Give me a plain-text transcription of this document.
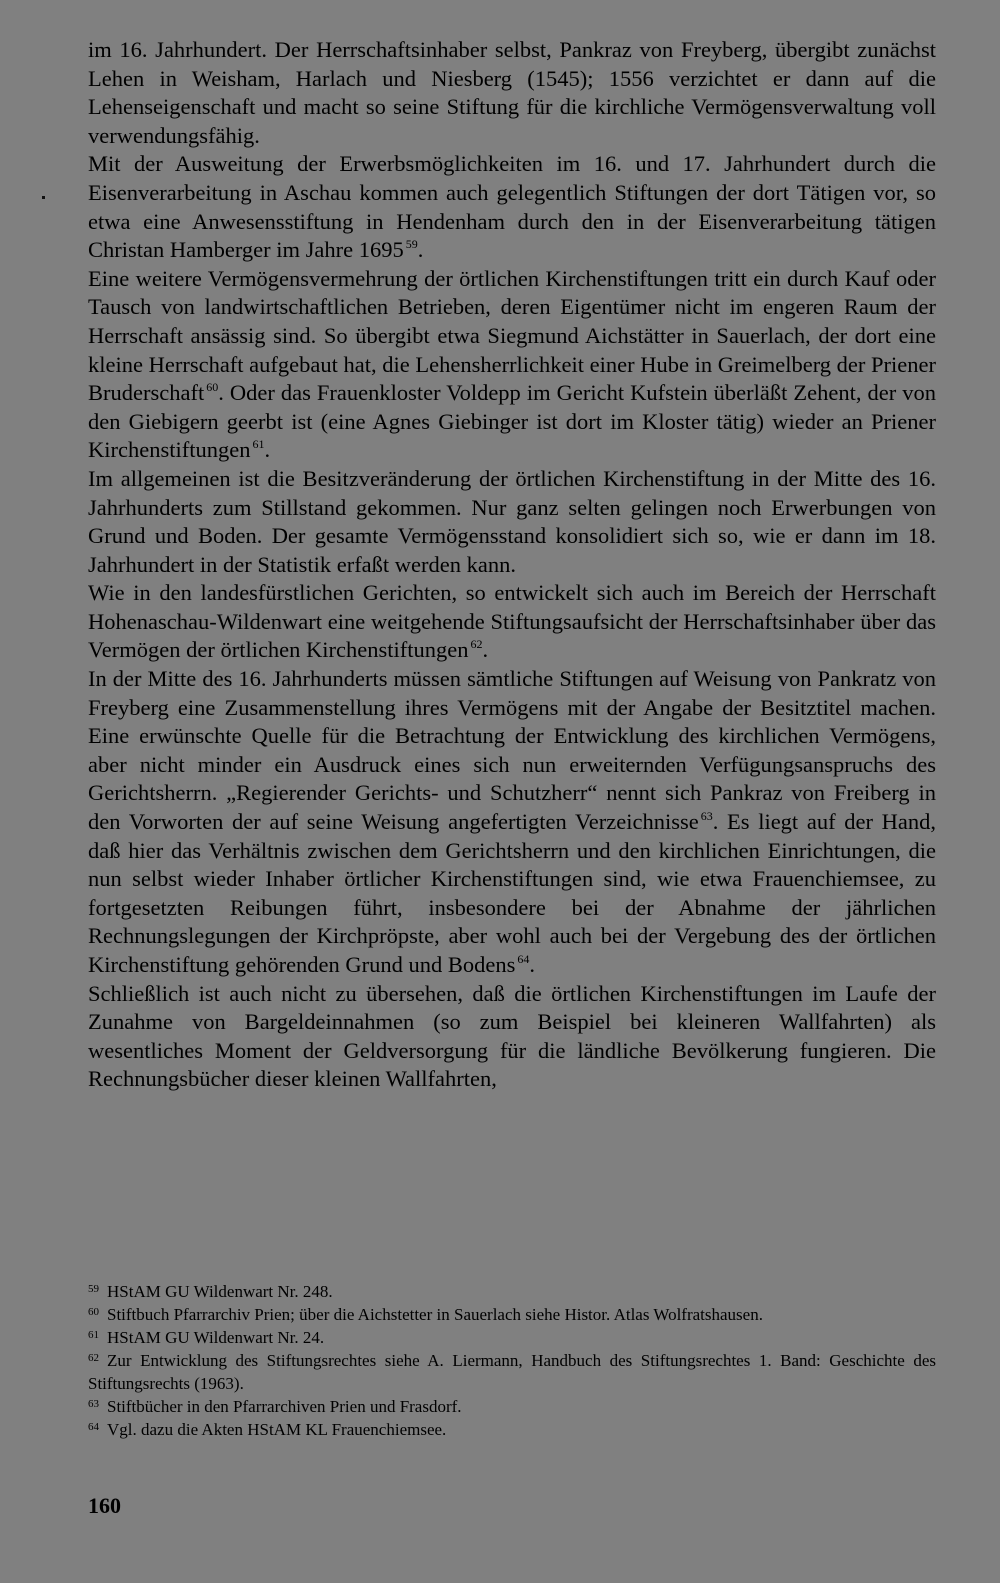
im 16. Jahrhundert. Der Herrschaftsinhaber selbst, Pankraz von Freyberg, übergibt zunächst Lehen in Weisham, Harlach und Niesberg (1545); 1556 verzichtet er dann auf die Lehenseigenschaft und macht so seine Stiftung für die kirchliche Vermögensverwaltung voll verwendungsfähig.

Mit der Ausweitung der Erwerbsmöglichkeiten im 16. und 17. Jahrhundert durch die Eisenverarbeitung in Aschau kommen auch gelegentlich Stiftungen der dort Tätigen vor, so etwa eine Anwesensstiftung in Hendenham durch den in der Eisenverarbeitung tätigen Christan Hamberger im Jahre 1695 $^{59}$.

Eine weitere Vermögensvermehrung der örtlichen Kirchenstiftungen tritt ein durch Kauf oder Tausch von landwirtschaftlichen Betrieben, deren Eigentümer nicht im engeren Raum der Herrschaft ansässig sind. So übergibt etwa Siegmund Aichstätter in Sauerlach, der dort eine kleine Herrschaft aufgebaut hat, die Lehensherrlichkeit einer Hube in Greimelberg der Priener Bruderschaft $^{60}$. Oder das Frauenkloster Voldepp im Gericht Kufstein überläßt Zehent, der von den Giebigern geerbt ist (eine Agnes Giebinger ist dort im Kloster tätig) wieder an Priener Kirchenstiftungen $^{61}$.

Im allgemeinen ist die Besitzveränderung der örtlichen Kirchenstiftung in der Mitte des 16. Jahrhunderts zum Stillstand gekommen. Nur ganz selten gelingen noch Erwerbungen von Grund und Boden. Der gesamte Vermögensstand konsolidiert sich so, wie er dann im 18. Jahrhundert in der Statistik erfaßt werden kann.

Wie in den landesfürstlichen Gerichten, so entwickelt sich auch im Bereich der Herrschaft Hohenaschau-Wildenwart eine weitgehende Stiftungsaufsicht der Herrschaftsinhaber über das Vermögen der örtlichen Kirchenstiftungen $^{62}$.

In der Mitte des 16. Jahrhunderts müssen sämtliche Stiftungen auf Weisung von Pankratz von Freyberg eine Zusammenstellung ihres Vermögens mit der Angabe der Besitztitel machen. Eine erwünschte Quelle für die Betrachtung der Entwicklung des kirchlichen Vermögens, aber nicht minder ein Ausdruck eines sich nun erweiternden Verfügungsanspruchs des Gerichtsherrn. „Regierender Gerichts- und Schutzherr“ nennt sich Pankraz von Freiberg in den Vorworten der auf seine Weisung angefertigten Verzeichnisse $^{63}$. Es liegt auf der Hand, daß hier das Verhältnis zwischen dem Gerichtsherrn und den kirchlichen Einrichtungen, die nun selbst wieder Inhaber örtlicher Kirchenstiftungen sind, wie etwa Frauenchiemsee, zu fortgesetzten Reibungen führt, insbesondere bei der Abnahme der jährlichen Rechnungslegungen der Kirchpröpste, aber wohl auch bei der Vergebung des der örtlichen Kirchenstiftung gehörenden Grund und Bodens $^{64}$.

Schließlich ist auch nicht zu übersehen, daß die örtlichen Kirchenstiftungen im Laufe der Zunahme von Bargeldeinnahmen (so zum Beispiel bei kleineren Wallfahrten) als wesentliches Moment der Geldversorgung für die ländliche Bevölkerung fungieren. Die Rechnungsbücher dieser kleinen Wallfahrten,

59 HStAM GU Wildenwart Nr. 248.

60 Stiftbuch Pfarrarchiv Prien; über die Aichstetter in Sauerlach siehe Histor. Atlas Wolfratshausen.

61 HStAM GU Wildenwart Nr. 24.

62 Zur Entwicklung des Stiftungsrechtes siehe A. Liermann, Handbuch des Stiftungsrechtes 1. Band: Geschichte des Stiftungsrechts (1963).

63 Stiftbücher in den Pfarrarchiven Prien und Frasdorf.

64 Vgl. dazu die Akten HStAM KL Frauenchiemsee.

160
